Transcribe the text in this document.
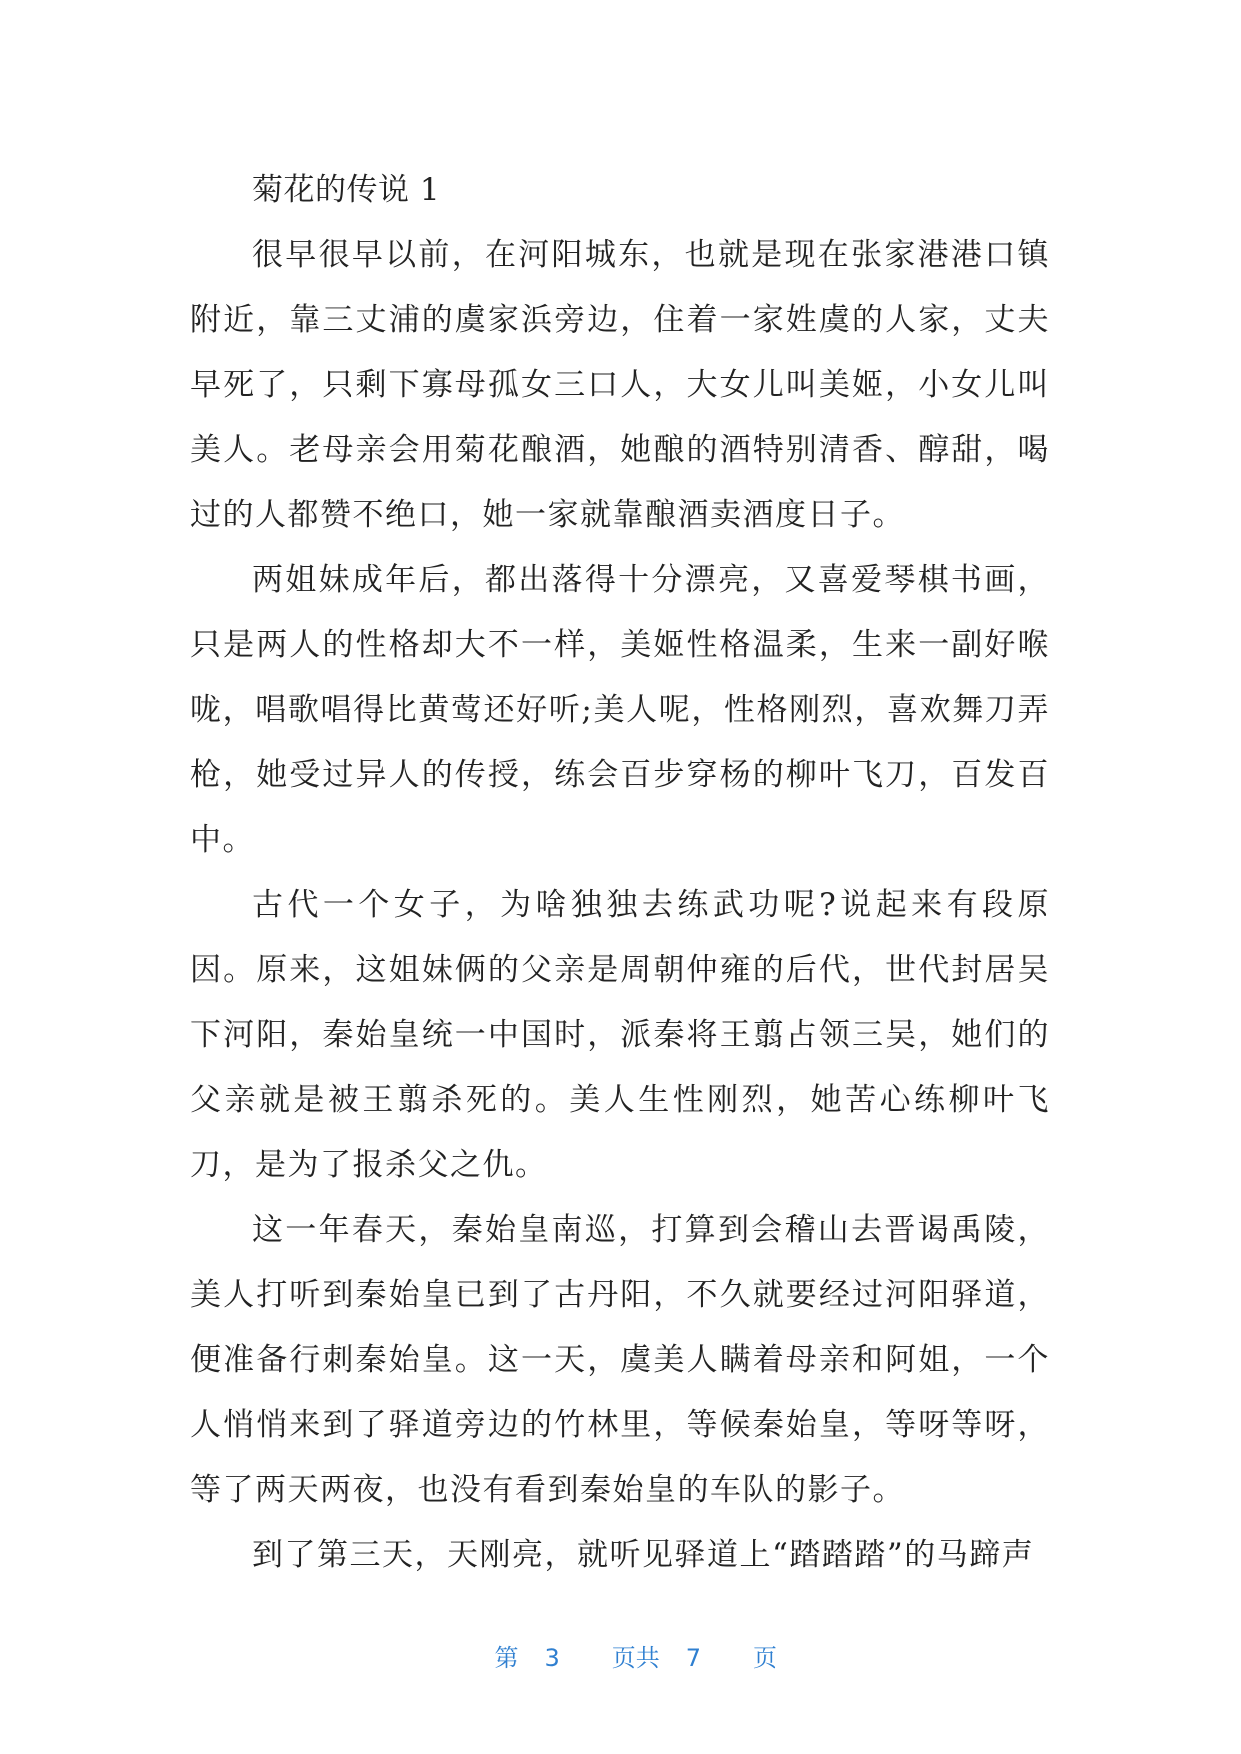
菊花的传说 1

很早很早以前，在河阳城东，也就是现在张家港港口镇附近，靠三丈浦的虞家浜旁边，住着一家姓虞的人家，丈夫早死了，只剩下寡母孤女三口人，大女儿叫美姬，小女儿叫美人。老母亲会用菊花酿酒，她酿的酒特别清香、醇甜，喝过的人都赞不绝口，她一家就靠酿酒卖酒度日子。

两姐妹成年后，都出落得十分漂亮，又喜爱琴棋书画，只是两人的性格却大不一样，美姬性格温柔，生来一副好喉咙，唱歌唱得比黄莺还好听;美人呢，性格刚烈，喜欢舞刀弄枪，她受过异人的传授，练会百步穿杨的柳叶飞刀，百发百中。

古代一个女子，为啥独独去练武功呢?说起来有段原因。原来，这姐妹俩的父亲是周朝仲雍的后代，世代封居吴下河阳，秦始皇统一中国时，派秦将王翦占领三吴，她们的父亲就是被王翦杀死的。美人生性刚烈，她苦心练柳叶飞刀，是为了报杀父之仇。

这一年春天，秦始皇南巡，打算到会稽山去晋谒禹陵，美人打听到秦始皇已到了古丹阳，不久就要经过河阳驿道，便准备行刺秦始皇。这一天，虞美人瞒着母亲和阿姐，一个人悄悄来到了驿道旁边的竹林里，等候秦始皇，等呀等呀，等了两天两夜，也没有看到秦始皇的车队的影子。

到了第三天，天刚亮，就听见驿道上“踏踏踏”的马蹄声

第 3 页共 7 页
